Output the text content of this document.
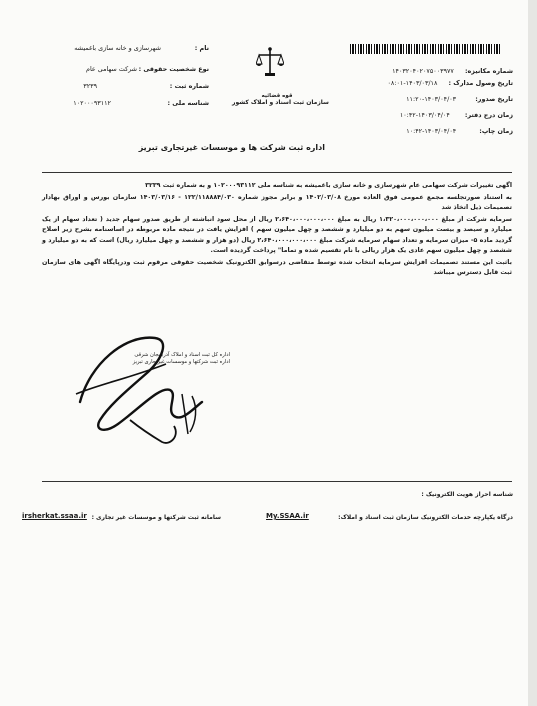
شماره مکانیزه: ۱۴۰۳۲۰۴۰۲۰۷۵۰۰۳۹۷۷
تاریخ وصول مدارک : ۱۴۰۳/۰۳/۱۸-۰۸:۰۱
تاریخ صدور: ۱۴۰۳/۰۴/۰۳-۱۱:۲۰
زمان درج دفتر: ۱۴۰۳/۰۴/۰۴-۱۰:۴۲
زمان چاپ: ۱۴۰۳/۰۴/۰۴-۱۰:۴۲
قوه قضائیه
سازمان ثبت اسناد و املاک کشور
نام :
شهرسازی و خانه سازی باغمیشه
نوع شخصیت حقوقی :
شرکت سهامی عام
شماره ثبت :
۳۲۳۹
شناسه ملی :
۱۰۲۰۰۰۹۳۱۱۲
اداره ثبت شرکت ها و موسسات غیرتجاری تبریز

اگهی تغییرات شرکت سهامی عام شهرسازی و خانه سازی باغمیشه به شناسه ملی ۱۰۲۰۰۰۹۳۱۱۲ و به شماره ثبت ۳۲۳۹

به استناد صورتجلسه مجمع عمومی فوق العاده مورخ ۱۴۰۲/۰۳/۰۸ و برابر مجوز شماره ۱۲۲/۱۱۸۸۸۴/۰۳۰ - ۱۴۰۳/۰۳/۱۶ سازمان بورس و اوراق بهادار تصمیمات ذیل اتخاذ شد

سرمایه شرکت از مبلغ ۱،۳۲۰،۰۰۰،۰۰۰،۰۰۰ ریال به مبلغ ۲،۶۴۰،۰۰۰،۰۰۰،۰۰۰ ریال از محل سود انباشته از طریق صدور سهام جدید ( تعداد سهام از یک میلیارد و سیصد و بیست میلیون سهم به دو میلیارد و ششصد و چهل میلیون سهم ) افزایش یافت در نتیجه ماده مربوطه در اساسنامه بشرح زیر اصلاح گردید ماده ۵- میزان سرمایه و تعداد سهام سرمایه شرکت مبلغ ۲،۶۴۰،۰۰۰،۰۰۰،۰۰۰ ریال (دو هزار و ششصد و چهل میلیارد ریال) است که به دو میلیارد و ششصد و چهل میلیون سهم عادی یک هزار ریالی با نام تقسیم شده و تماما" پرداخت گردیده است.

باثبت این مستند تصمیمات افزایش سرمایه انتخاب شده توسط متقاضی درسوابق الکترونیک شخصیت حقوقی مرقوم ثبت ودرپایگاه اگهی های سازمان ثبت قابل دسترس میباشد

اداره کل ثبت اسناد و املاک آذربایجان شرقی
اداره ثبت شرکتها و موسسات غیرتجاری تبریز
شناسه احراز هویت الکترونیک :
درگاه یکپارچه خدمات الکترونیک سازمان ثبت اسناد و املاک:
My.SSAA.ir
سامانه ثبت شرکتها و موسسات غیر تجاری :
irsherkat.ssaa.ir
